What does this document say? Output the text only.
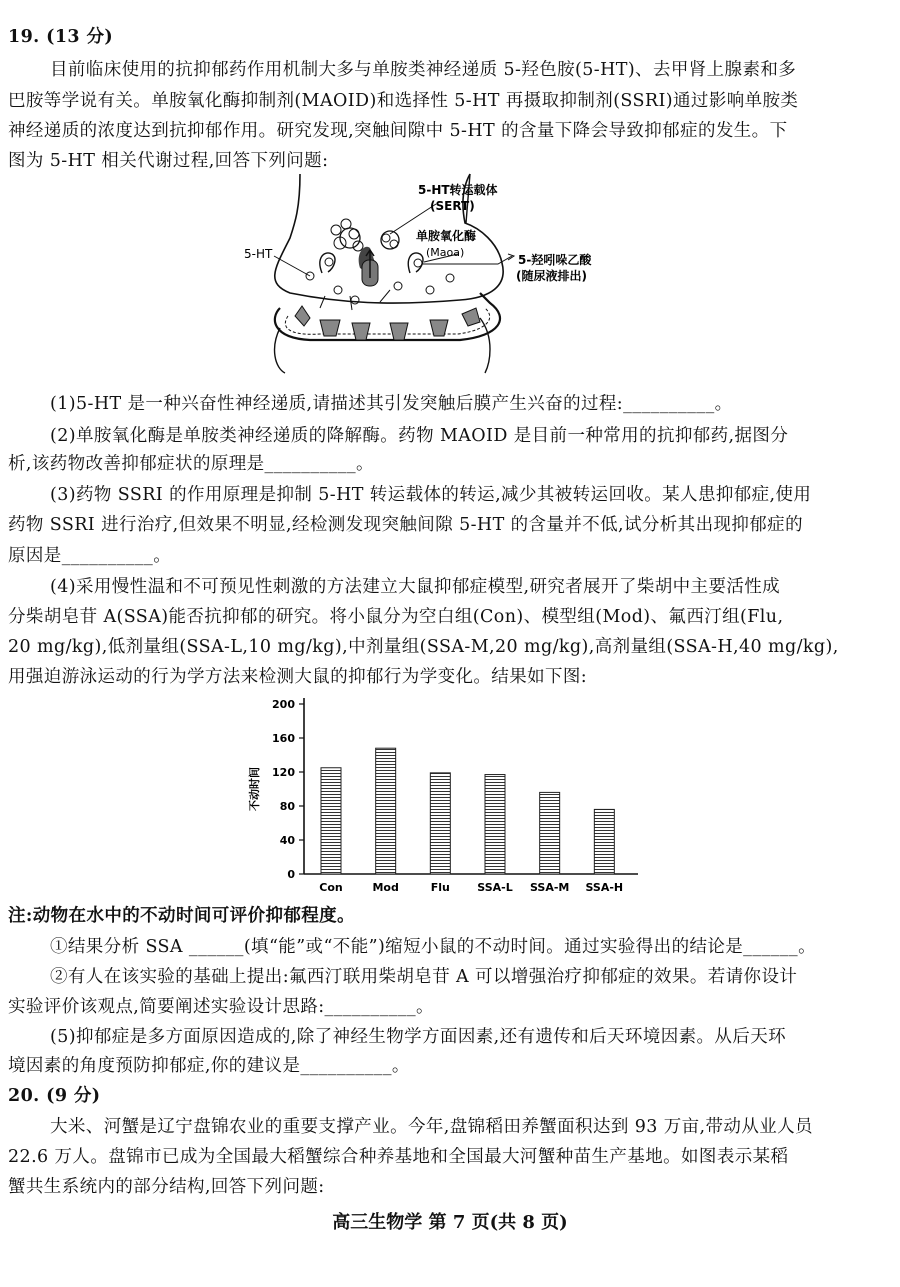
19. (13 分)
目前临床使用的抗抑郁药作用机制大多与单胺类神经递质 5-羟色胺(5-HT)、去甲肾上腺素和多
巴胺等学说有关。单胺氧化酶抑制剂(MAOID)和选择性 5-HT 再摄取抑制剂(SSRI)通过影响单胺类
神经递质的浓度达到抗抑郁作用。研究发现,突触间隙中 5-HT 的含量下降会导致抑郁症的发生。下
图为 5-HT 相关代谢过程,回答下列问题:
5-HT
5-HT转运载体
(SERT)
单胺氧化酶
(Maoa)
5-羟吲哚乙酸
(随尿液排出)
(1)5-HT 是一种兴奋性神经递质,请描述其引发突触后膜产生兴奋的过程:__________。
(2)单胺氧化酶是单胺类神经递质的降解酶。药物 MAOID 是目前一种常用的抗抑郁药,据图分
析,该药物改善抑郁症状的原理是__________。
(3)药物 SSRI 的作用原理是抑制 5-HT 转运载体的转运,减少其被转运回收。某人患抑郁症,使用
药物 SSRI 进行治疗,但效果不明显,经检测发现突触间隙 5-HT 的含量并不低,试分析其出现抑郁症的
原因是__________。
(4)采用慢性温和不可预见性刺激的方法建立大鼠抑郁症模型,研究者展开了柴胡中主要活性成
分柴胡皂苷 A(SSA)能否抗抑郁的研究。将小鼠分为空白组(Con)、模型组(Mod)、氟西汀组(Flu,
20 mg/kg),低剂量组(SSA-L,10 mg/kg),中剂量组(SSA-M,20 mg/kg),高剂量组(SSA-H,40 mg/kg),
用强迫游泳运动的行为学方法来检测大鼠的抑郁行为学变化。结果如下图:
0
40
80
120
160
200
不动时间
Con	Mod	Flu SSA-L SSA-M SSA-H
注:动物在水中的不动时间可评价抑郁程度。
①结果分析 SSA ______(填“能”或“不能”)缩短小鼠的不动时间。通过实验得出的结论是______。
②有人在该实验的基础上提出:氟西汀联用柴胡皂苷 A 可以增强治疗抑郁症的效果。若请你设计
实验评价该观点,简要阐述实验设计思路:__________。
(5)抑郁症是多方面原因造成的,除了神经生物学方面因素,还有遗传和后天环境因素。从后天环
境因素的角度预防抑郁症,你的建议是__________。
20. (9 分)
大米、河蟹是辽宁盘锦农业的重要支撑产业。今年,盘锦稻田养蟹面积达到 93 万亩,带动从业人员
22.6 万人。盘锦市已成为全国最大稻蟹综合种养基地和全国最大河蟹种苗生产基地。如图表示某稻
蟹共生系统内的部分结构,回答下列问题:
高三生物学 第 7 页(共 8 页)
